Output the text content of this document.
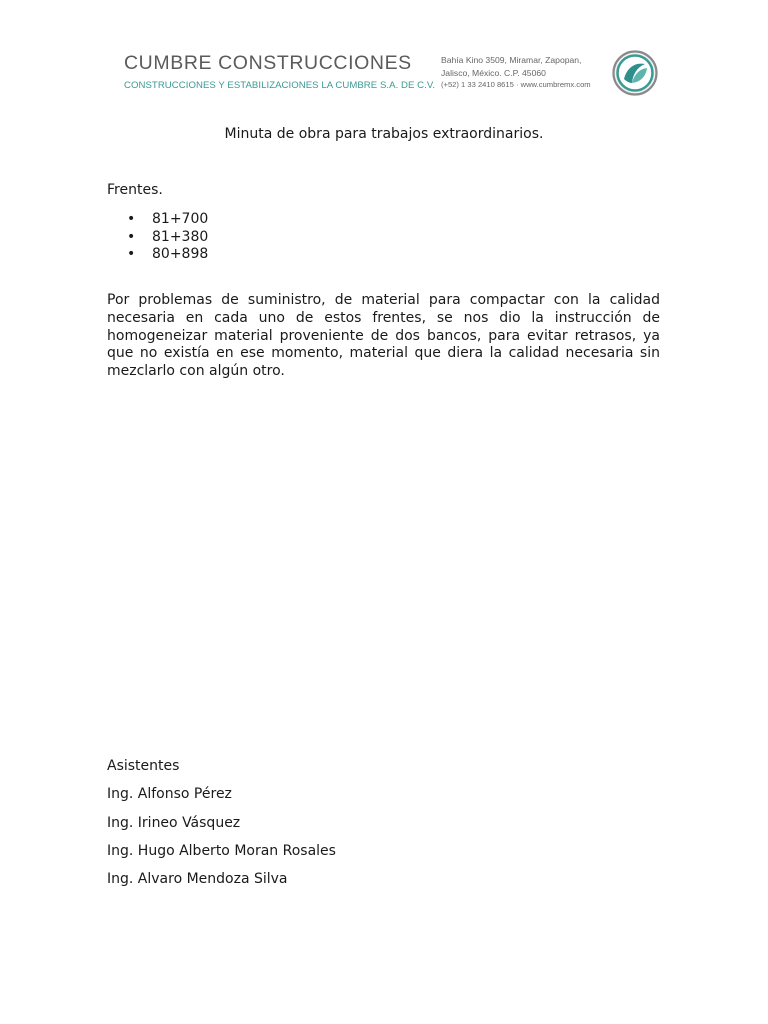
CUMBRE CONSTRUCCIONES
CONSTRUCCIONES Y ESTABILIZACIONES LA CUMBRE S.A. DE C.V.
Bahía Kino 3509, Miramar, Zapopan,
Jalisco, México. C.P. 45060
(+52) 1 33 2410 8615 · www.cumbremx.com
Minuta de obra para trabajos extraordinarios.
Frentes.
• 81+700
• 81+380
• 80+898

Por problemas de suministro, de material para compactar con la calidad necesaria en cada uno de estos frentes, se nos dio la instrucción de homogeneizar material proveniente de dos bancos, para evitar retrasos, ya que no existía en ese momento, material que diera la calidad necesaria sin mezclarlo con algún otro.

Asistentes
Ing. Alfonso Pérez
Ing. Irineo Vásquez
Ing. Hugo Alberto Moran Rosales
Ing. Alvaro Mendoza Silva
